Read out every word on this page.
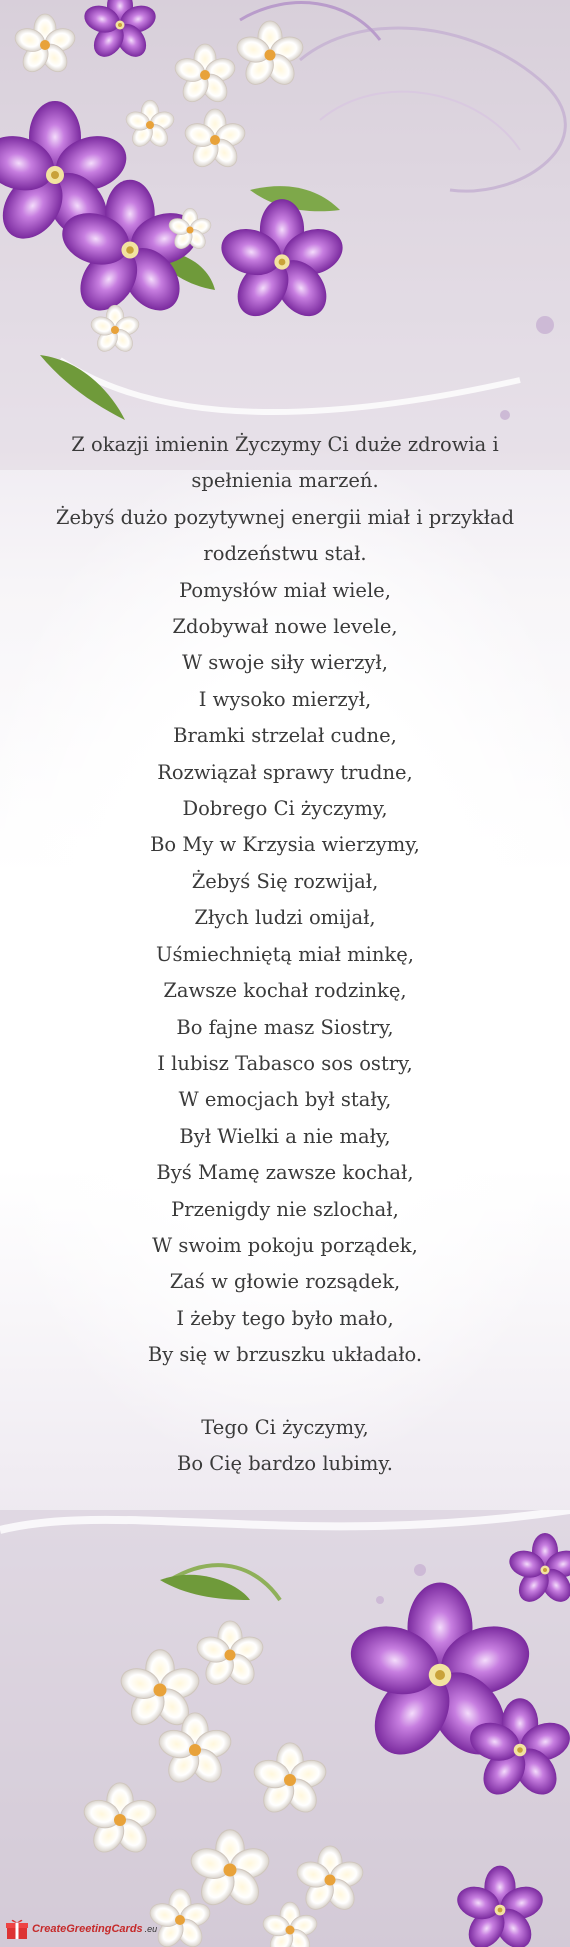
Z okazji imienin Życzymy Ci duże zdrowia i
spełnienia marzeń.
Żebyś dużo pozytywnej energii miał i przykład
rodzeństwu stał.
Pomysłów miał wiele,
Zdobywał nowe levele,
W swoje siły wierzył,
I wysoko mierzył,
Bramki strzelał cudne,
Rozwiązał sprawy trudne,
Dobrego Ci życzymy,
Bo My w Krzysia wierzymy,
Żebyś Się rozwijał,
Złych ludzi omijał,
Uśmiechniętą miał minkę,
Zawsze kochał rodzinkę,
Bo fajne masz Siostry,
I lubisz Tabasco sos ostry,
W emocjach był stały,
Był Wielki a nie mały,
Byś Mamę zawsze kochał,
Przenigdy nie szlochał,
W swoim pokoju porządek,
Zaś w głowie rozsądek,
I żeby tego było mało,
By się w brzuszku układało.
Tego Ci życzymy,
Bo Cię bardzo lubimy.
CreateGreetingCards .eu
